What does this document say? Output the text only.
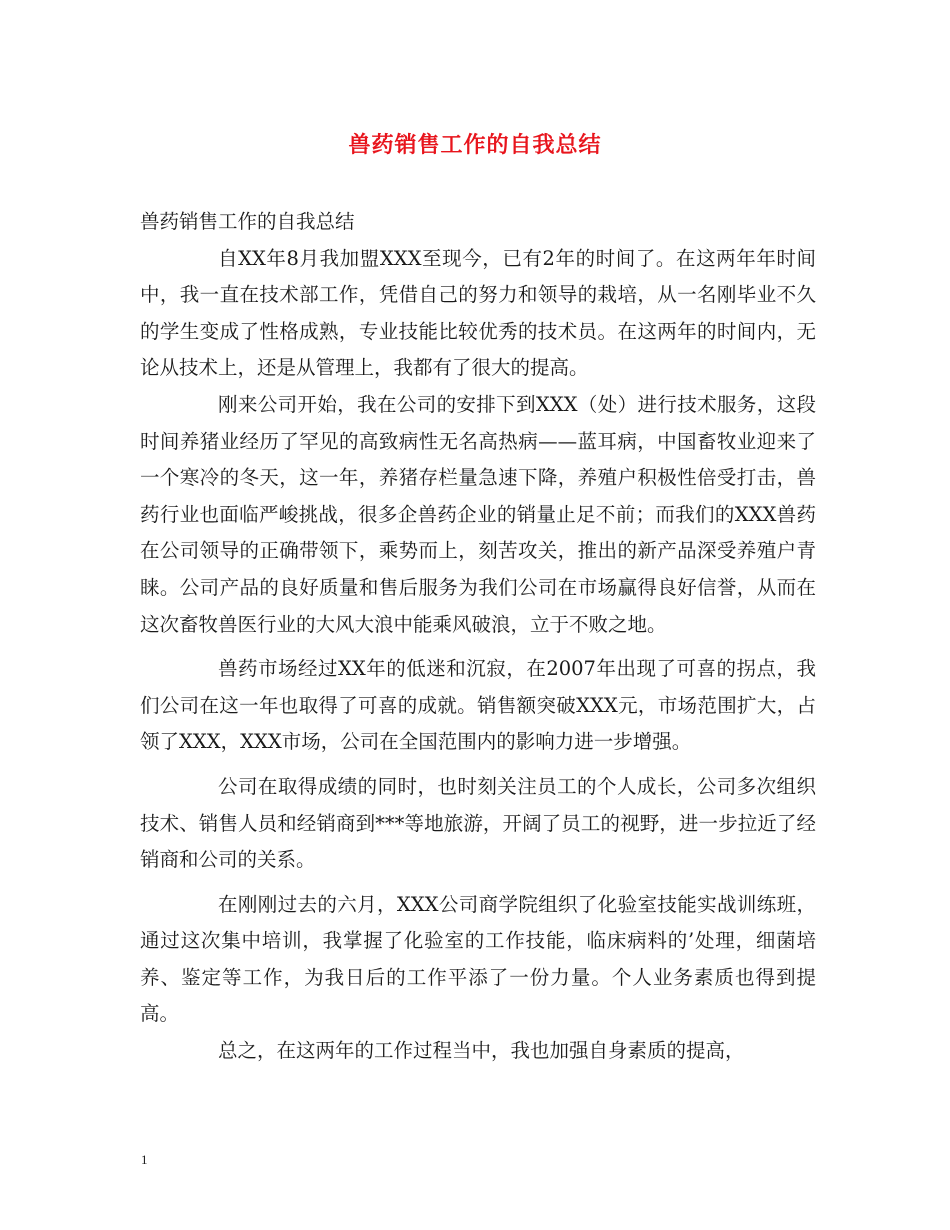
兽药销售工作的自我总结

兽药销售工作的自我总结

自XX年8月我加盟XXX至现今，已有2年的时间了。在这两年年时间中，我一直在技术部工作，凭借自己的努力和领导的栽培，从一名刚毕业不久的学生变成了性格成熟，专业技能比较优秀的技术员。在这两年的时间内，无论从技术上，还是从管理上，我都有了很大的提高。

刚来公司开始，我在公司的安排下到XXX（处）进行技术服务，这段时间养猪业经历了罕见的高致病性无名高热病——蓝耳病，中国畜牧业迎来了一个寒冷的冬天，这一年，养猪存栏量急速下降，养殖户积极性倍受打击，兽药行业也面临严峻挑战，很多企兽药企业的销量止足不前；而我们的XXX兽药在公司领导的正确带领下，乘势而上，刻苦攻关，推出的新产品深受养殖户青睐。公司产品的良好质量和售后服务为我们公司在市场赢得良好信誉，从而在这次畜牧兽医行业的大风大浪中能乘风破浪，立于不败之地。

兽药市场经过XX年的低迷和沉寂，在2007年出现了可喜的拐点，我们公司在这一年也取得了可喜的成就。销售额突破XXX元，市场范围扩大，占领了XXX，XXX市场，公司在全国范围内的影响力进一步增强。

公司在取得成绩的同时，也时刻关注员工的个人成长，公司多次组织技术、销售人员和经销商到***等地旅游，开阔了员工的视野，进一步拉近了经销商和公司的关系。

在刚刚过去的六月，XXX公司商学院组织了化验室技能实战训练班，通过这次集中培训，我掌握了化验室的工作技能，临床病料的’处理，细菌培养、鉴定等工作，为我日后的工作平添了一份力量。个人业务素质也得到提高。

总之，在这两年的工作过程当中，我也加强自身素质的提高，

1
